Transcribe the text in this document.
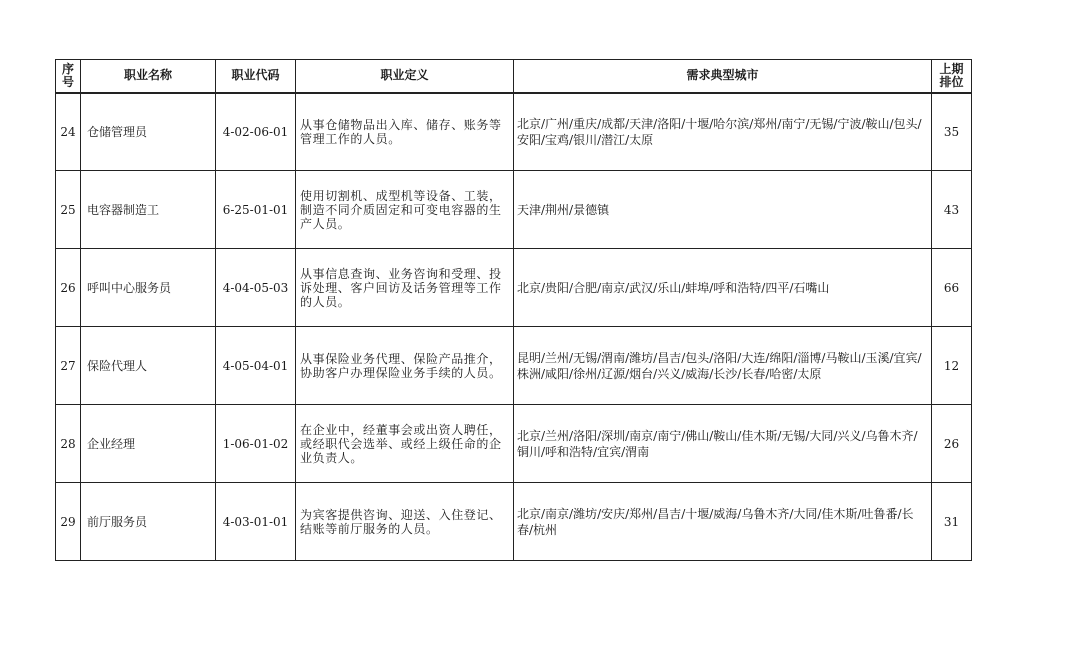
序号	职业名称	职业代码	职业定义	需求典型城市	上期排位
24	仓储管理员	4-02-06-01	从事仓储物品出入库、储存、账务等管理工作的人员。	北京/广州/重庆/成都/天津/洛阳/十堰/哈尔滨/郑州/南宁/无锡/宁波/鞍山/包头/安阳/宝鸡/银川/潜江/太原	35
25	电容器制造工	6-25-01-01	使用切割机、成型机等设备、工装，制造不同介质固定和可变电容器的生产人员。	天津/荆州/景德镇	43
26	呼叫中心服务员	4-04-05-03	从事信息查询、业务咨询和受理、投诉处理、客户回访及话务管理等工作的人员。	北京/贵阳/合肥/南京/武汉/乐山/蚌埠/呼和浩特/四平/石嘴山	66
27	保险代理人	4-05-04-01	从事保险业务代理、保险产品推介，协助客户办理保险业务手续的人员。	昆明/兰州/无锡/渭南/潍坊/昌吉/包头/洛阳/大连/绵阳/淄博/马鞍山/玉溪/宜宾/株洲/咸阳/徐州/辽源/烟台/兴义/威海/长沙/长春/哈密/太原	12
28	企业经理	1-06-01-02	在企业中，经董事会或出资人聘任，或经职代会选举、或经上级任命的企业负责人。	北京/兰州/洛阳/深圳/南京/南宁/佛山/鞍山/佳木斯/无锡/大同/兴义/乌鲁木齐/铜川/呼和浩特/宜宾/渭南	26
29	前厅服务员	4-03-01-01	为宾客提供咨询、迎送、入住登记、结账等前厅服务的人员。	北京/南京/潍坊/安庆/郑州/昌吉/十堰/威海/乌鲁木齐/大同/佳木斯/吐鲁番/长春/杭州	31
